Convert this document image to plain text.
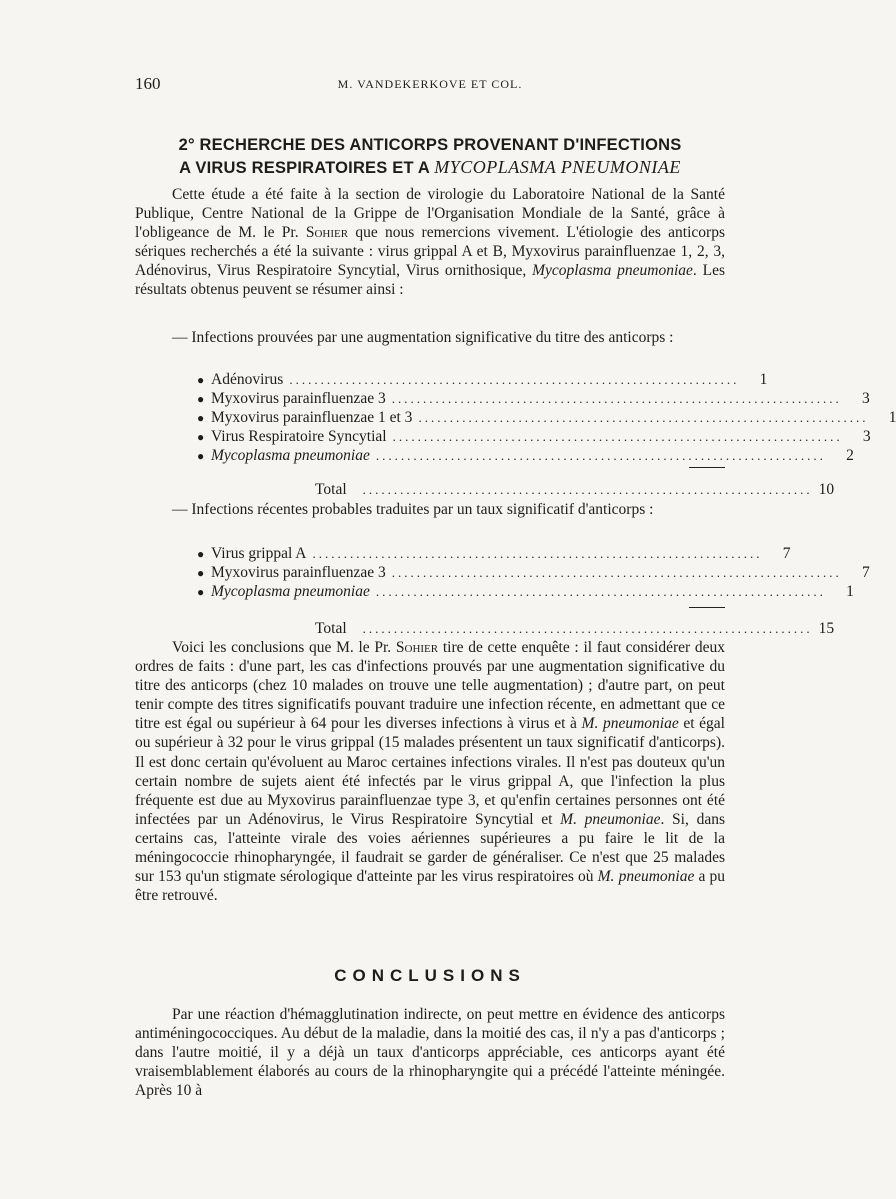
160	M. VANDEKERKOVE ET COL.
2° RECHERCHE DES ANTICORPS PROVENANT D'INFECTIONS
A VIRUS RESPIRATOIRES ET A MYCOPLASMA PNEUMONIAE
Cette étude a été faite à la section de virologie du Laboratoire National de la Santé Publique, Centre National de la Grippe de l'Organisation Mondiale de la Santé, grâce à l'obligeance de M. le Pr. Sohier que nous remercions vivement. L'étiologie des anticorps sériques recherchés a été la suivante : virus grippal A et B, Myxovirus parainfluenzae 1, 2, 3, Adénovirus, Virus Respiratoire Syncytial, Virus ornithosique, Mycoplasma pneumoniae. Les résultats obtenus peuvent se résumer ainsi :
— Infections prouvées par une augmentation significative du titre des anticorps :
● Adénovirus ........................................................................	1
● Myxovirus parainfluenzae 3 ........................................................................	3
● Myxovirus parainfluenzae 1 et 3 ........................................................................	1
● Virus Respiratoire Syncytial ........................................................................	3
● Mycoplasma pneumoniae ........................................................................	2
Total ........................................................................ 10
— Infections récentes probables traduites par un taux significatif d'anticorps :
● Virus grippal A ........................................................................	7
● Myxovirus parainfluenzae 3 ........................................................................	7
● Mycoplasma pneumoniae ........................................................................	1
Total ........................................................................ 15
Voici les conclusions que M. le Pr. Sohier tire de cette enquête : il faut considérer deux ordres de faits : d'une part, les cas d'infections prouvés par une augmentation significative du titre des anticorps (chez 10 malades on trouve une telle augmentation) ; d'autre part, on peut tenir compte des titres significatifs pouvant traduire une infection récente, en admettant que ce titre est égal ou supérieur à 64 pour les diverses infections à virus et à M. pneumoniae et égal ou supérieur à 32 pour le virus grippal (15 malades présentent un taux significatif d'anticorps). Il est donc certain qu'évoluent au Maroc certaines infections virales. Il n'est pas douteux qu'un certain nombre de sujets aient été infectés par le virus grippal A, que l'infection la plus fréquente est due au Myxovirus parainfluenzae type 3, et qu'enfin certaines personnes ont été infectées par un Adénovirus, le Virus Respiratoire Syncytial et M. pneumoniae. Si, dans certains cas, l'atteinte virale des voies aériennes supérieures a pu faire le lit de la méningococcie rhinopharyngée, il faudrait se garder de généraliser. Ce n'est que 25 malades sur 153 qu'un stigmate sérologique d'atteinte par les virus respiratoires où M. pneumoniae a pu être retrouvé.
CONCLUSIONS
Par une réaction d'hémagglutination indirecte, on peut mettre en évidence des anticorps antiméningococciques. Au début de la maladie, dans la moitié des cas, il n'y a pas d'anticorps ; dans l'autre moitié, il y a déjà un taux d'anticorps appréciable, ces anticorps ayant été vraisemblablement élaborés au cours de la rhinopharyngite qui a précédé l'atteinte méningée. Après 10 à
